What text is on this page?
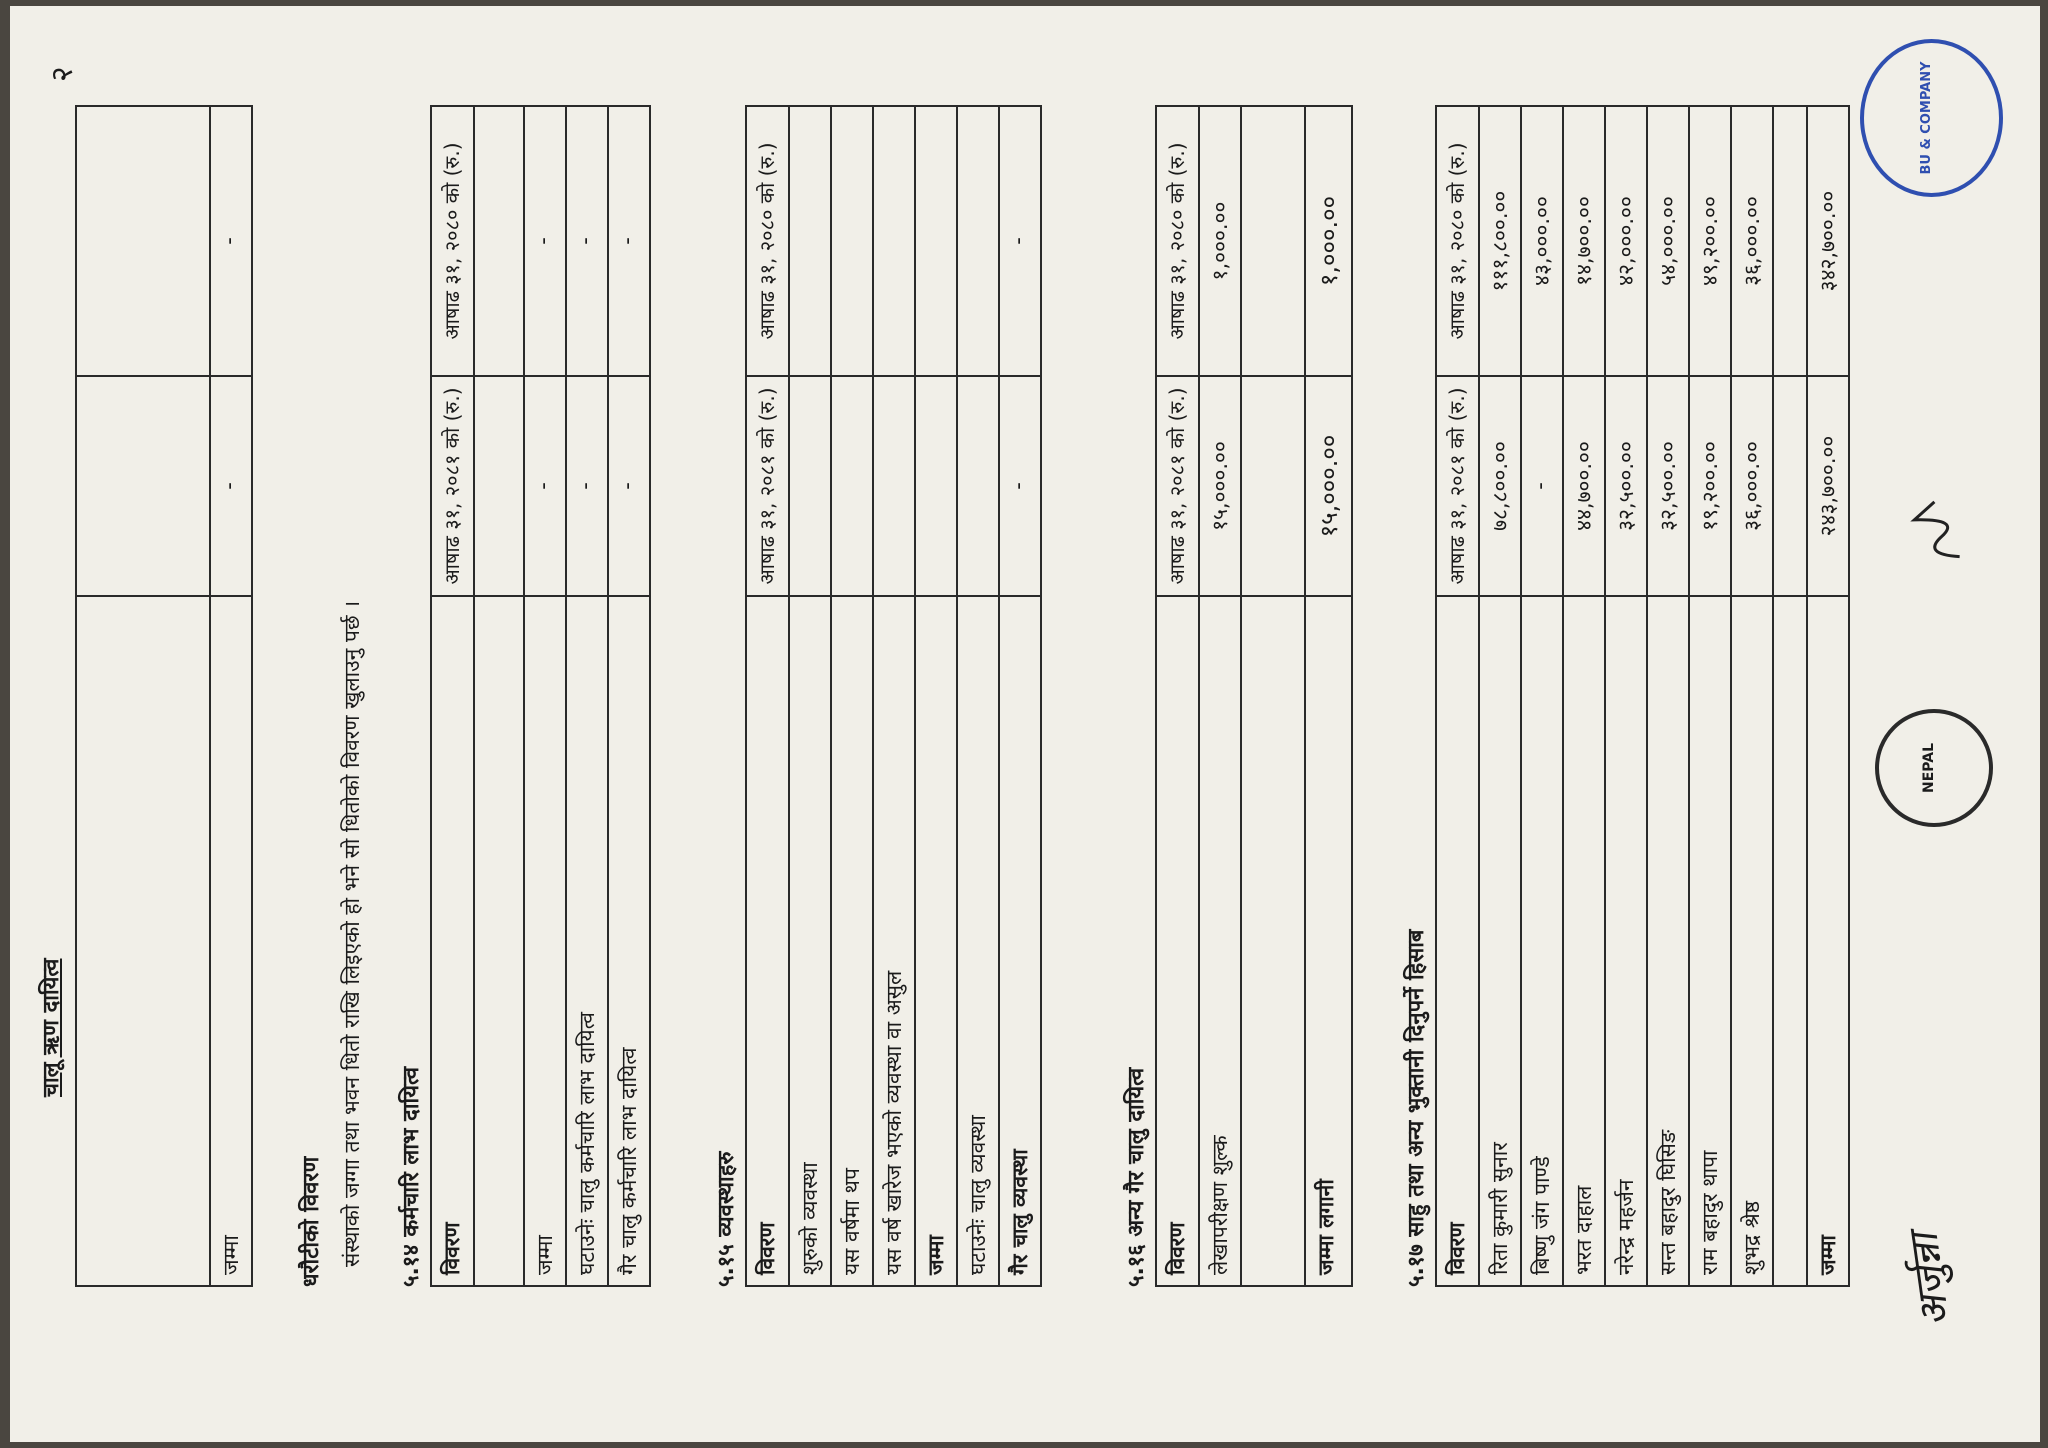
चालू ऋण दायित्व

जम्मा	-	-
धरौटीको विवरण संस्थाको जग्गा तथा भवन धितो राखि लिइएको हो भने सो धितोको विवरण खुलाउनु पर्छ । ५.१४ कर्मचारि लाभ दायित्व विवरण	आषाढ ३१, २०८१ को (रु.)	आषाढ ३१, २०८० को (रु.)

जम्मा	-	-
घटाउनेः चालु कर्मचारि लाभ दायित्व	-	-
गैर चालु कर्मचारि लाभ दायित्व	-	-
५.१५ व्यवस्थाहरु विवरण	आषाढ ३१, २०८१ को (रु.)	आषाढ ३१, २०८० को (रु.)
शुरुको व्यवस्था		
यस वर्षमा थप		
यस वर्ष खारेज भएको व्यवस्था वा असुल		
जम्मा		
घटाउनेः चालु व्यवस्था		
गैर चालु व्यवस्था	-	-
५.१६ अन्य गैर चालु दायित्व विवरण	आषाढ ३१, २०८१ को (रु.)	आषाढ ३१, २०८० को (रु.)
लेखापरीक्षण शुल्क	१५,०००.००	१,०००.००

जम्मा लगानी	१५,०००.००	१,०००.००
५.१७ साहु तथा अन्य भुक्तानी दिनुपर्ने हिसाब विवरण	आषाढ ३१, २०८१ को (रु.)	आषाढ ३१, २०८० को (रु.)
रिता कुमारी सुनार	७८,८००.००	१११,८००.००
बिष्णु जंग पाण्डे	-	४३,०००.००
भरत दाहाल	४४,७००.००	१४,७००.००
नरेन्द्र महर्जन	३२,५००.००	४२,०००.००
सन्त बहादुर घिसिङ	३२,५००.००	५४,०००.००
राम बहादुर थापा	१९,२००.००	४९,२००.००
शुभद्र श्रेष्ठ	३६,०००.००	३६,०००.००

जम्मा	२४३,७००.००	३४२,७००.००
अर्जुन्ना
NEPAL
BU & COMPANY
२
